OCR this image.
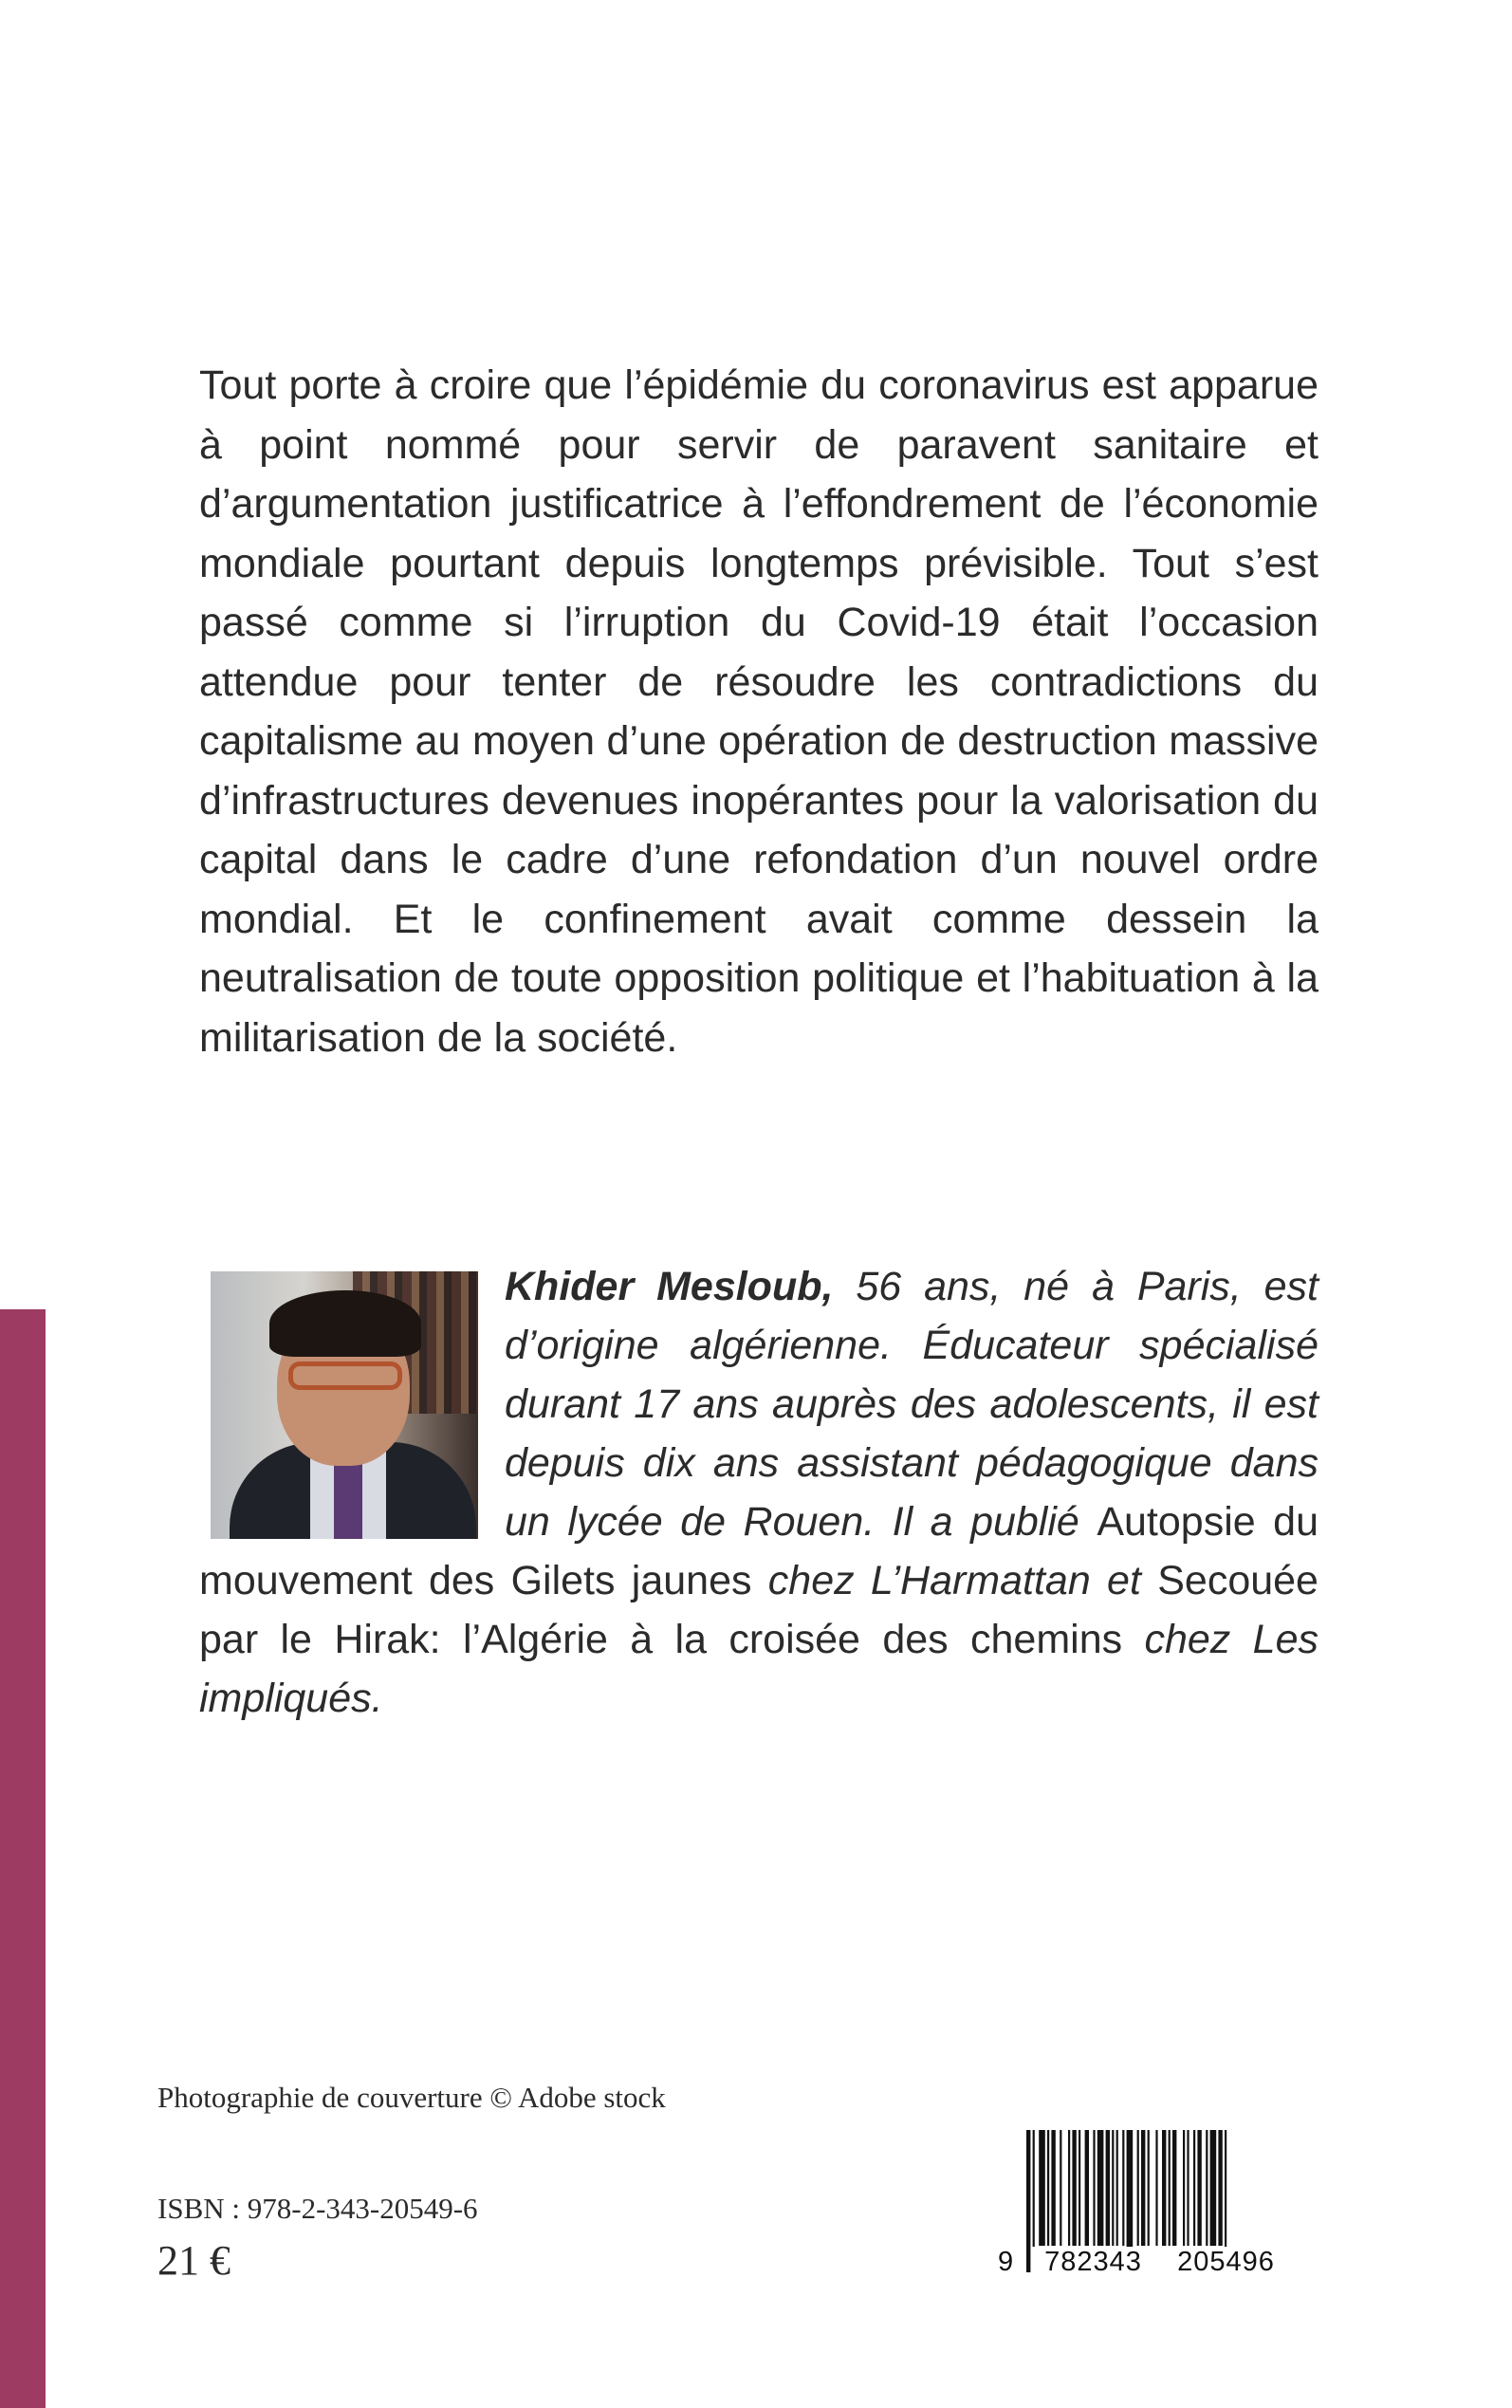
Tout porte à croire que l’épidémie du coronavirus est apparue à point nommé pour servir de paravent sanitaire et d’argumentation justificatrice à l’effondrement de l’économie mondiale pourtant depuis longtemps prévisible. Tout s’est passé comme si l’irruption du Covid-19 était l’occasion attendue pour tenter de résoudre les contradictions du capitalisme au moyen d’une opération de destruction massive d’infrastructures devenues inopérantes pour la valorisation du capital dans le cadre d’une refondation d’un nouvel ordre mondial. Et le confinement avait comme dessein la neutralisation de toute opposition politique et l’habituation à la militarisation de la société.

Khider Mesloub, 56 ans, né à Paris, est d’origine algérienne. Éducateur spécialisé durant 17 ans auprès des adolescents, il est depuis dix ans assistant pédagogique dans un lycée de Rouen. Il a publié Autopsie du mouvement des Gilets jaunes chez L’Harmattan et Secouée par le Hirak: l’Algérie à la croisée des chemins chez Les impliqués.

Photographie de couverture © Adobe stock
ISBN : 978-2-343-20549-6
21 €	9	782343	205496
